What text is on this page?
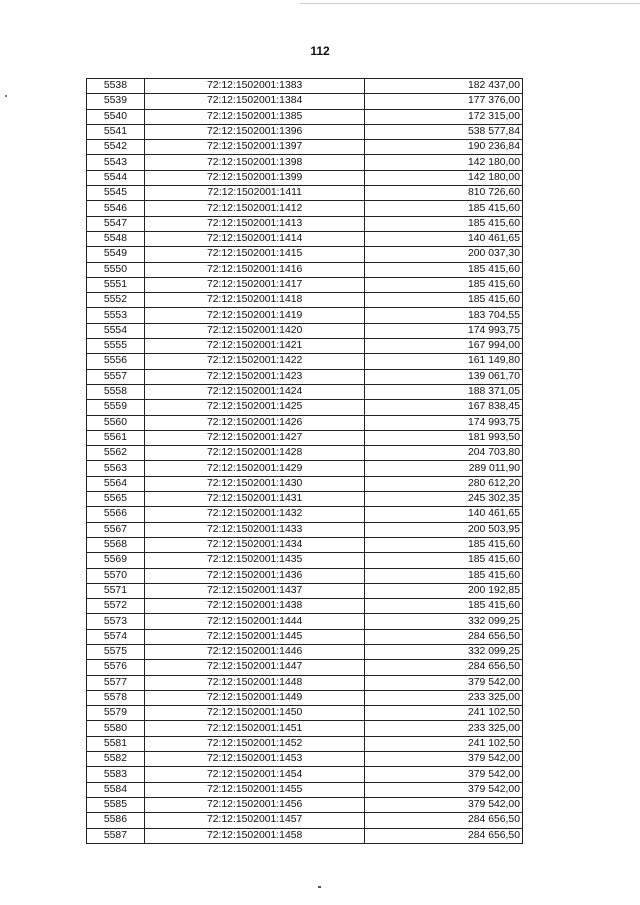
112
5538	72:12:1502001:1383	182 437,00
5539	72:12:1502001:1384	177 376,00
5540	72:12:1502001:1385	172 315,00
5541	72:12:1502001:1396	538 577,84
5542	72:12:1502001:1397	190 236,84
5543	72:12:1502001:1398	142 180,00
5544	72:12:1502001:1399	142 180,00
5545	72:12:1502001:1411	810 726,60
5546	72:12:1502001:1412	185 415,60
5547	72:12:1502001:1413	185 415,60
5548	72:12:1502001:1414	140 461,65
5549	72:12:1502001:1415	200 037,30
5550	72:12:1502001:1416	185 415,60
5551	72:12:1502001:1417	185 415,60
5552	72:12:1502001:1418	185 415,60
5553	72:12:1502001:1419	183 704,55
5554	72:12:1502001:1420	174 993,75
5555	72:12:1502001:1421	167 994,00
5556	72:12:1502001:1422	161 149,80
5557	72:12:1502001:1423	139 061,70
5558	72:12:1502001:1424	188 371,05
5559	72:12:1502001:1425	167 838,45
5560	72:12:1502001:1426	174 993,75
5561	72:12:1502001:1427	181 993,50
5562	72:12:1502001:1428	204 703,80
5563	72:12:1502001:1429	289 011,90
5564	72:12:1502001:1430	280 612,20
5565	72:12:1502001:1431	245 302,35
5566	72:12:1502001:1432	140 461,65
5567	72:12:1502001:1433	200 503,95
5568	72:12:1502001:1434	185 415,60
5569	72:12:1502001:1435	185 415,60
5570	72:12:1502001:1436	185 415,60
5571	72:12:1502001:1437	200 192,85
5572	72:12:1502001:1438	185 415,60
5573	72:12:1502001:1444	332 099,25
5574	72:12:1502001:1445	284 656,50
5575	72:12:1502001:1446	332 099,25
5576	72:12:1502001:1447	284 656,50
5577	72:12:1502001:1448	379 542,00
5578	72:12:1502001:1449	233 325,00
5579	72:12:1502001:1450	241 102,50
5580	72:12:1502001:1451	233 325,00
5581	72:12:1502001:1452	241 102,50
5582	72:12:1502001:1453	379 542,00
5583	72:12:1502001:1454	379 542,00
5584	72:12:1502001:1455	379 542,00
5585	72:12:1502001:1456	379 542,00
5586	72:12:1502001:1457	284 656,50
5587	72:12:1502001:1458	284 656,50
